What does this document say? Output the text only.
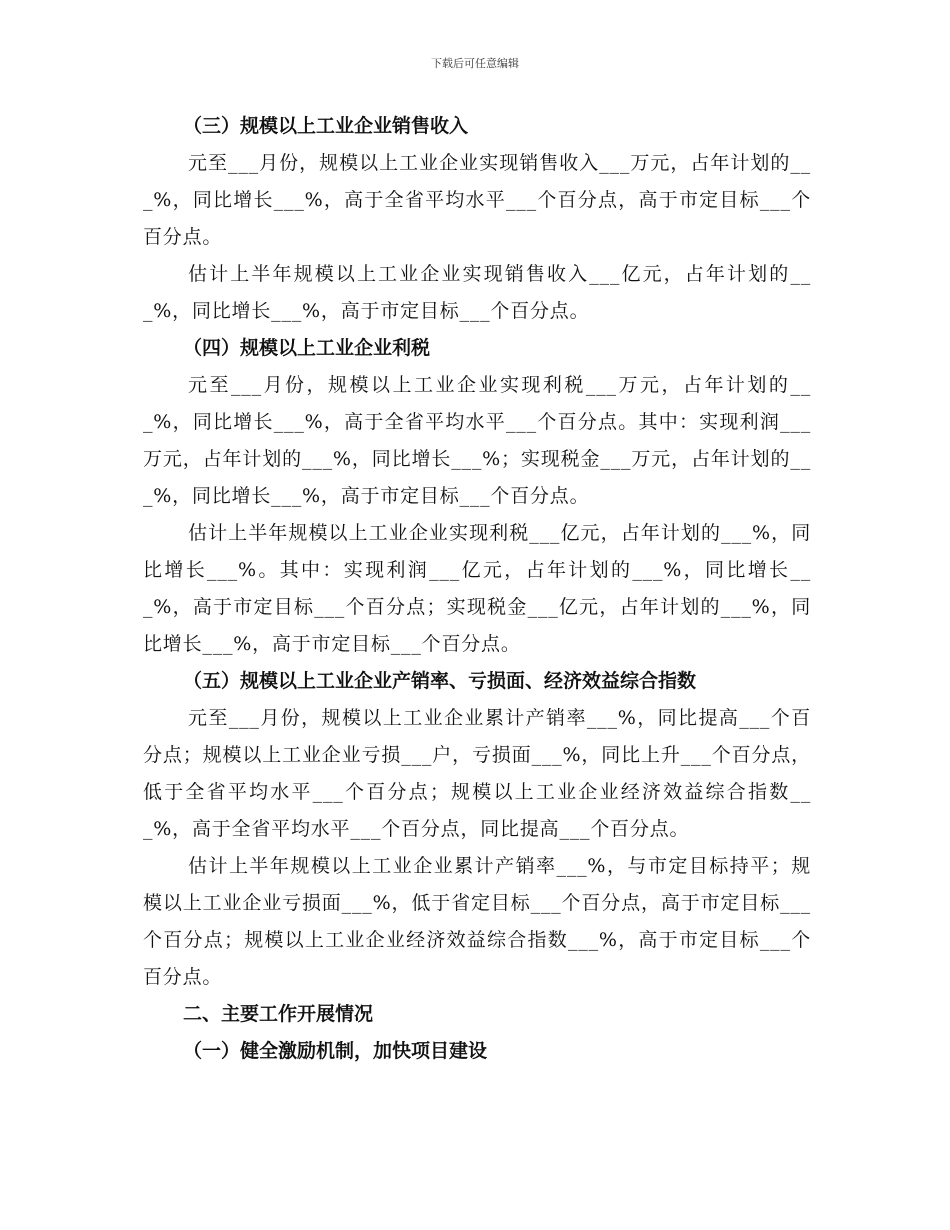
下载后可任意编辑
（三）规模以上工业企业销售收入
元至___月份，规模以上工业企业实现销售收入___万元，占年计划的___%，同比增长___%，高于全省平均水平___个百分点，高于市定目标___个百分点。
估计上半年规模以上工业企业实现销售收入___亿元，占年计划的___%，同比增长___%，高于市定目标___个百分点。
（四）规模以上工业企业利税
元至___月份，规模以上工业企业实现利税___万元，占年计划的___%，同比增长___%，高于全省平均水平___个百分点。其中：实现利润___万元，占年计划的___%，同比增长___%；实现税金___万元，占年计划的___%，同比增长___%，高于市定目标___个百分点。
估计上半年规模以上工业企业实现利税___亿元，占年计划的___%，同比增长___%。其中：实现利润___亿元，占年计划的___%，同比增长___%，高于市定目标___个百分点；实现税金___亿元，占年计划的___%，同比增长___%，高于市定目标___个百分点。
（五）规模以上工业企业产销率、亏损面、经济效益综合指数
元至___月份，规模以上工业企业累计产销率___%，同比提高___个百分点；规模以上工业企业亏损___户，亏损面___%，同比上升___个百分点，低于全省平均水平___个百分点；规模以上工业企业经济效益综合指数___%，高于全省平均水平___个百分点，同比提高___个百分点。
估计上半年规模以上工业企业累计产销率___%，与市定目标持平；规模以上工业企业亏损面___%，低于省定目标___个百分点，高于市定目标___个百分点；规模以上工业企业经济效益综合指数___%，高于市定目标___个百分点。
二、主要工作开展情况
（一）健全激励机制，加快项目建设
